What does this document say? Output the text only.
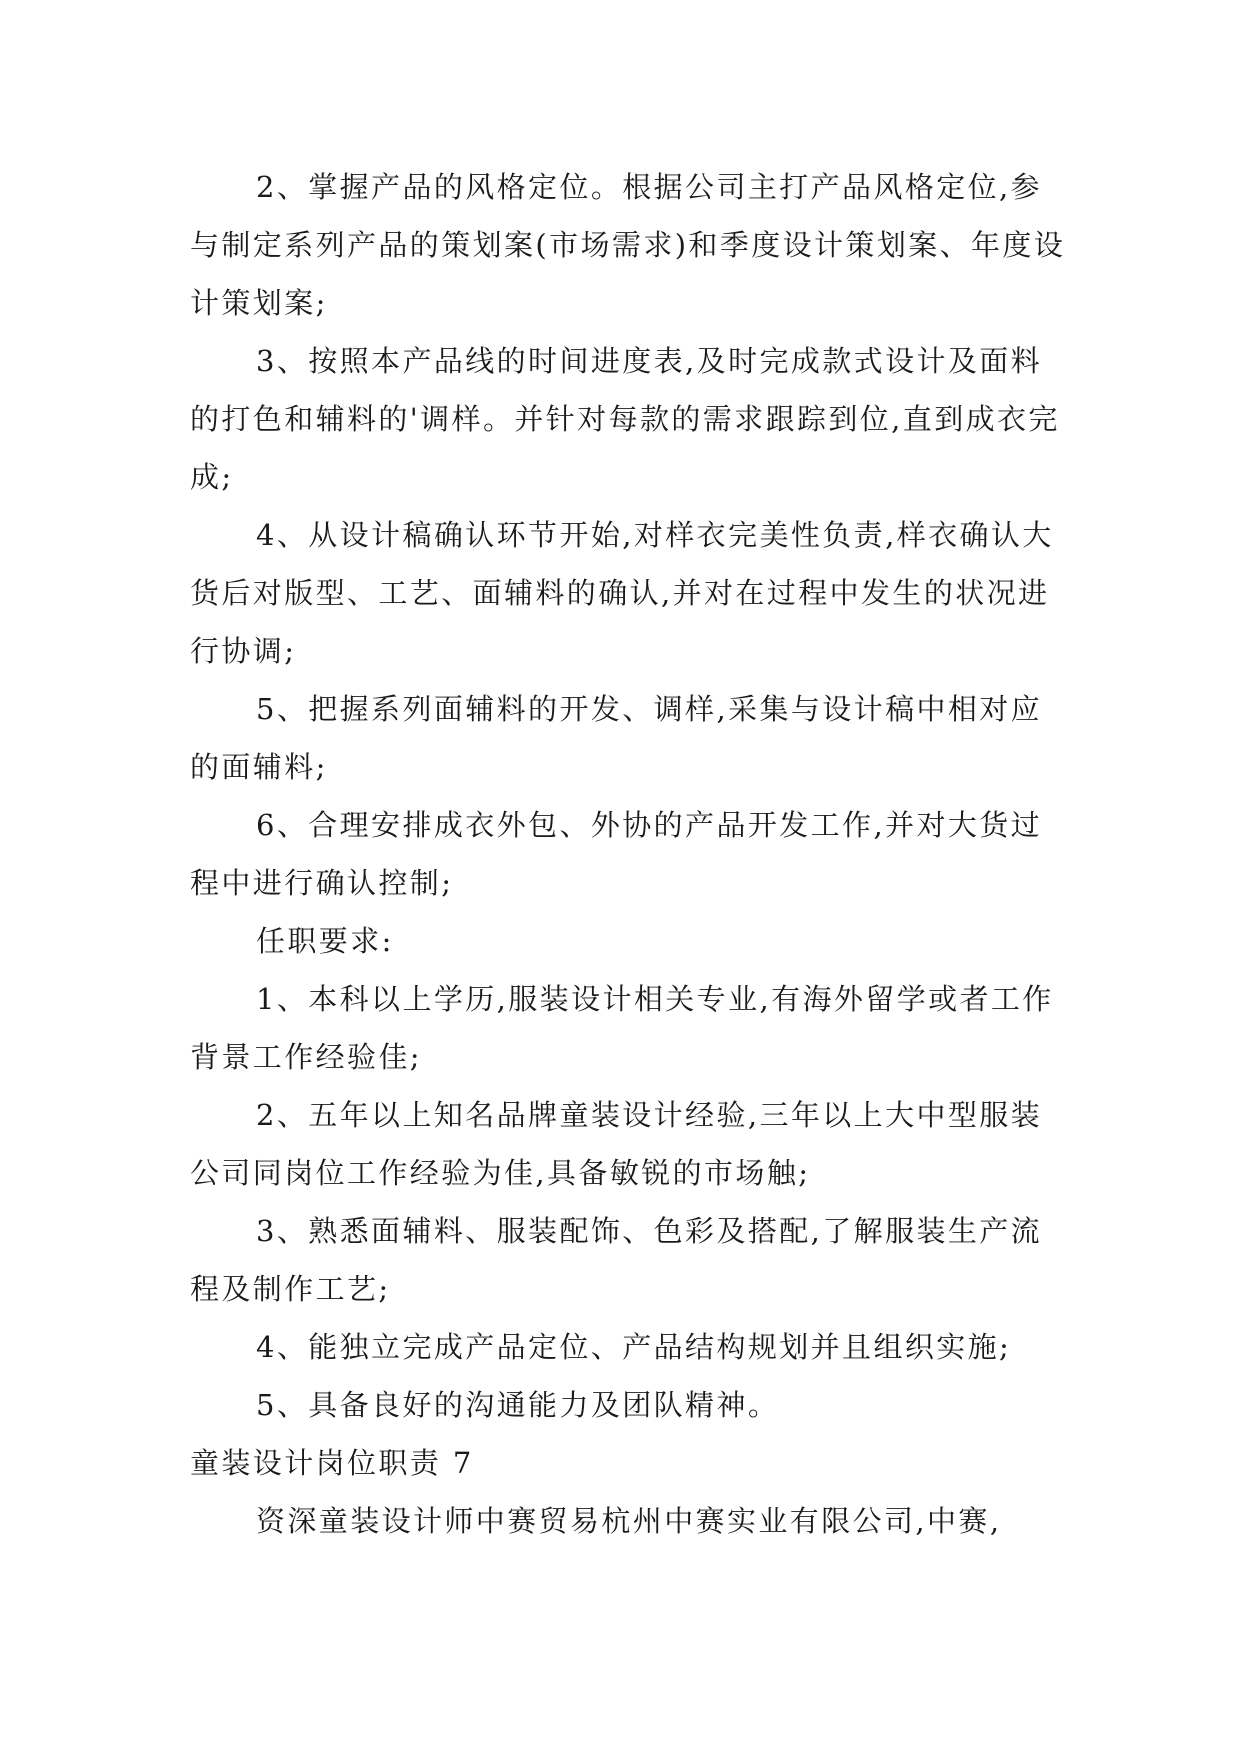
2、掌握产品的风格定位。根据公司主打产品风格定位,参与制定系列产品的策划案(市场需求)和季度设计策划案、年度设计策划案;

3、按照本产品线的时间进度表,及时完成款式设计及面料的打色和辅料的'调样。并针对每款的需求跟踪到位,直到成衣完成;

4、从设计稿确认环节开始,对样衣完美性负责,样衣确认大货后对版型、工艺、面辅料的确认,并对在过程中发生的状况进行协调;

5、把握系列面辅料的开发、调样,采集与设计稿中相对应的面辅料;

6、合理安排成衣外包、外协的产品开发工作,并对大货过程中进行确认控制;

任职要求:

1、本科以上学历,服装设计相关专业,有海外留学或者工作背景工作经验佳;

2、五年以上知名品牌童装设计经验,三年以上大中型服装公司同岗位工作经验为佳,具备敏锐的市场触;

3、熟悉面辅料、服装配饰、色彩及搭配,了解服装生产流程及制作工艺;

4、能独立完成产品定位、产品结构规划并且组织实施;

5、具备良好的沟通能力及团队精神。

童装设计岗位职责 7

资深童装设计师中赛贸易杭州中赛实业有限公司,中赛,
